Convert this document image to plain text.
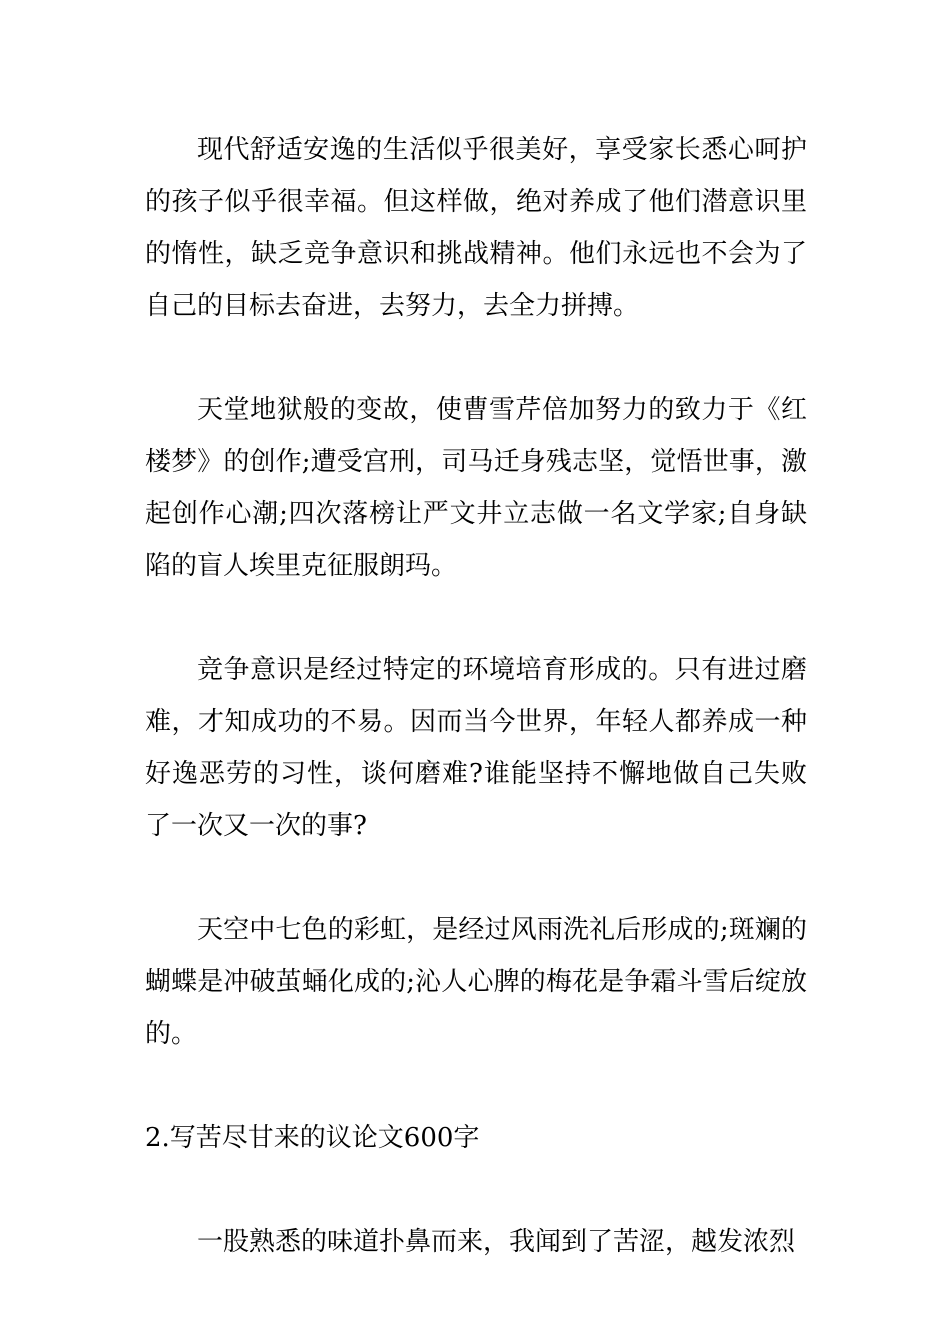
现代舒适安逸的生活似乎很美好，享受家长悉心呵护的孩子似乎很幸福。但这样做，绝对养成了他们潜意识里的惰性，缺乏竞争意识和挑战精神。他们永远也不会为了自己的目标去奋进，去努力，去全力拼搏。

天堂地狱般的变故，使曹雪芹倍加努力的致力于《红楼梦》的创作;遭受宫刑，司马迁身残志坚，觉悟世事，激起创作心潮;四次落榜让严文井立志做一名文学家;自身缺陷的盲人埃里克征服朗玛。

竞争意识是经过特定的环境培育形成的。只有进过磨难，才知成功的不易。因而当今世界，年轻人都养成一种好逸恶劳的习性，谈何磨难?谁能坚持不懈地做自己失败了一次又一次的事?

天空中七色的彩虹，是经过风雨洗礼后形成的;斑斓的蝴蝶是冲破茧蛹化成的;沁人心脾的梅花是争霜斗雪后绽放的。

2.写苦尽甘来的议论文600字

一股熟悉的味道扑鼻而来，我闻到了苦涩，越发浓烈
